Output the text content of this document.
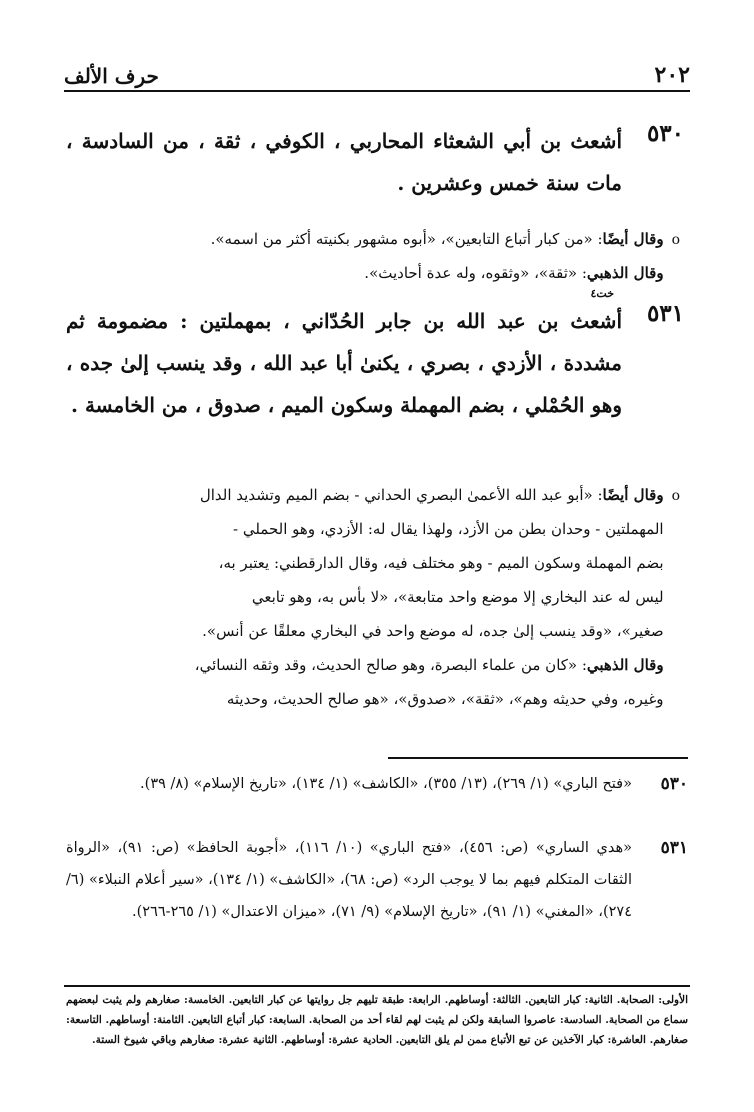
٢٠٢
حرف الألف
٥٣٠
أشعث بن أبي الشعثاء المحاربي ، الكوفي ، ثقة ، من السادسة ، مات سنة خمس وعشرين .
o
وقال أيضًا: «من كبار أتباع التابعين»، «أبوه مشهور بكنيته أكثر من اسمه».
وقال الذهبي: «ثقة»، «وثقوه، وله عدة أحاديث».
خت٤
٥٣١
أشعث بن عبد الله بن جابر الحُدّاني ، بمهملتين : مضمومة ثم مشددة ، الأزدي ، بصري ، يكنىٰ أبا عبد الله ، وقد ينسب إلىٰ جده ، وهو الحُمْلي ، بضم المهملة وسكون الميم ، صدوق ، من الخامسة .
o
وقال أيضًا: «أبو عبد الله الأعمىٰ البصري الحداني - بضم الميم وتشديد الدال
المهملتين - وحدان بطن من الأزد، ولهذا يقال له: الأزدي، وهو الحملي -
بضم المهملة وسكون الميم - وهو مختلف فيه، وقال الدارقطني: يعتبر به،
ليس له عند البخاري إلا موضع واحد متابعة»، «لا بأس به، وهو تابعي
صغير»، «وقد ينسب إلىٰ جده، له موضع واحد في البخاري معلقًا عن أنس».
وقال الذهبي: «كان من علماء البصرة، وهو صالح الحديث، وقد وثقه النسائي،
وغيره، وفي حديثه وهم»، «ثقة»، «صدوق»، «هو صالح الحديث، وحديثه
٥٣٠
«فتح الباري» (١/ ٢٦٩)، (١٣/ ٣٥٥)، «الكاشف» (١/ ١٣٤)، «تاريخ الإسلام» (٨/ ٣٩).
٥٣١
«هدي الساري» (ص: ٤٥٦)، «فتح الباري» (١٠/ ١١٦)، «أجوبة الحافظ» (ص: ٩١)، «الرواة الثقات المتكلم فيهم بما لا يوجب الرد» (ص: ٦٨)، «الكاشف» (١/ ١٣٤)، «سير أعلام النبلاء» (٦/ ٢٧٤)، «المغني» (١/ ٩١)، «تاريخ الإسلام» (٩/ ٧١)، «ميزان الاعتدال» (١/ ٢٦٥-٢٦٦).
الأولى: الصحابة. الثانية: كبار التابعين. الثالثة: أوساطهم. الرابعة: طبقة تليهم جل روايتها عن كبار التابعين. الخامسة: صغارهم ولم يثبت لبعضهم سماع من الصحابة. السادسة: عاصروا السابقة ولكن لم يثبت لهم لقاء أحد من الصحابة. السابعة: كبار أتباع التابعين. الثامنة: أوساطهم. التاسعة: صغارهم. العاشرة: كبار الآخذين عن تبع الأتباع ممن لم يلق التابعين. الحادية عشرة: أوساطهم. الثانية عشرة: صغارهم وباقي شيوخ الستة.
